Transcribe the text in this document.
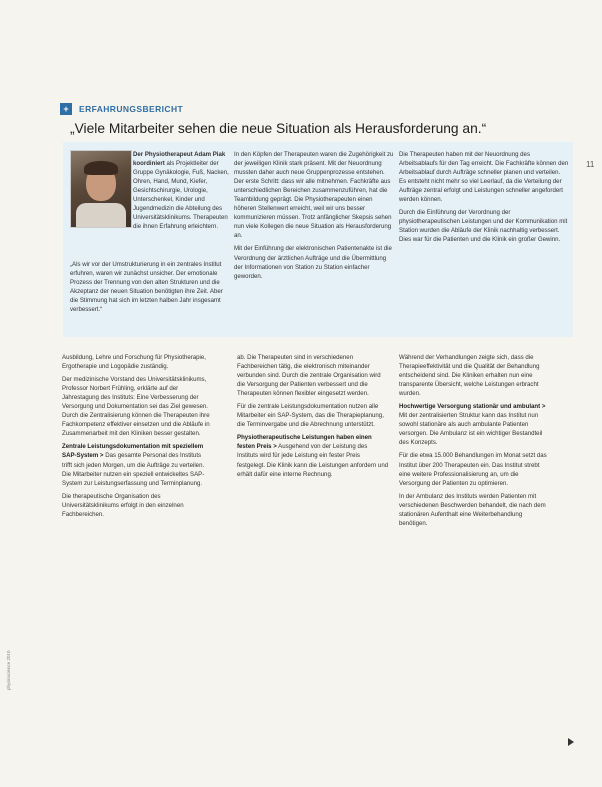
+	ERFAHRUNGSBERICHT
„Viele Mitarbeiter sehen die neue Situation als Herausforderung an.“

Der Physiotherapeut Adam Piak koordiniert als Projektleiter der Gruppe Gynäkologie, Fuß, Nacken, Ohren, Hand, Mund, Kiefer, Gesichtschirurgie, Urologie, Unterschenkel, Kinder und Jugendmedizin die Abteilung des Universitätsklinikums. Therapeuten die ihnen Erfahrung erleichtern.

„Als wir vor der Umstrukturierung in ein zentrales Institut erfuhren, waren wir zunächst unsicher. Der emotionale Prozess der Trennung von den alten Strukturen und die Akzeptanz der neuen Situation benötigten ihre Zeit. Aber die Stimmung hat sich im letzten halben Jahr insgesamt verbessert.“

In den Köpfen der Therapeuten waren die Zugehörigkeit zu der jeweiligen Klinik stark präsent. Mit der Neuordnung mussten daher auch neue Gruppenprozesse entstehen. Der erste Schritt: dass wir alle mitnehmen. Fachkräfte aus unterschiedlichen Bereichen zusammenzuführen, hat die Teambildung geprägt. Die Physiotherapeuten einen höheren Stellenwert erreicht, weil wir uns besser kommunizieren müssen. Trotz anfänglicher Skepsis sehen nun viele Kollegen die neue Situation als Herausforderung an.

Mit der Einführung der elektronischen Patientenakte ist die Verordnung der ärztlichen Aufträge und die Übermittlung der Informationen von Station zu Station einfacher geworden.

Die Therapeuten haben mit der Neuordnung des Arbeitsablaufs für den Tag erreicht. Die Fachkräfte können den Arbeitsablauf durch Aufträge schneller planen und verteilen. Es entsteht nicht mehr so viel Leerlauf, da die Verteilung der Aufträge zentral erfolgt und Leistungen schneller angefordert werden können.

Durch die Einführung der Verordnung der physiotherapeutischen Leistungen und der Kommunikation mit Station wurden die Abläufe der Klinik nachhaltig verbessert. Dies war für die Patienten und die Klinik ein großer Gewinn.

11

Ausbildung, Lehre und Forschung für Physiotherapie, Ergotherapie und Logopädie zuständig.

Der medizinische Vorstand des Universitätsklinikums, Professor Norbert Frühling, erklärte auf der Jahrestagung des Instituts: Eine Verbesserung der Versorgung und Dokumentation sei das Ziel gewesen. Durch die Zentralisierung können die Therapeuten ihre Fachkompetenz effektiver einsetzen und die Abläufe in Zusammenarbeit mit den Kliniken besser gestalten.

Zentrale Leistungsdokumentation mit speziellem SAP-System > Das gesamte Personal des Instituts trifft sich jeden Morgen, um die Aufträge zu verteilen. Die Mitarbeiter nutzen ein speziell entwickeltes SAP-System zur Leistungserfassung und Terminplanung.

Die therapeutische Organisation des Universitätsklinikums erfolgt in den einzelnen Fachbereichen.

ab. Die Therapeuten sind in verschiedenen Fachbereichen tätig, die elektronisch miteinander verbunden sind. Durch die zentrale Organisation wird die Versorgung der Patienten verbessert und die Therapeuten können flexibler eingesetzt werden.

Für die zentrale Leistungsdokumentation nutzen alle Mitarbeiter ein SAP-System, das die Therapieplanung, die Terminvergabe und die Abrechnung unterstützt.

Physiotherapeutische Leistungen haben einen festen Preis > Ausgehend von der Leistung des Instituts wird für jede Leistung ein fester Preis festgelegt. Die Klinik kann die Leistungen anfordern und erhält dafür eine interne Rechnung.

Während der Verhandlungen zeigte sich, dass die Therapieeffektivität und die Qualität der Behandlung entscheidend sind. Die Kliniken erhalten nun eine transparente Übersicht, welche Leistungen erbracht wurden.

Hochwertige Versorgung stationär und ambulant > Mit der zentralisierten Struktur kann das Institut nun sowohl stationäre als auch ambulante Patienten versorgen. Die Ambulanz ist ein wichtiger Bestandteil des Konzepts.

Für die etwa 15.000 Behandlungen im Monat setzt das Institut über 200 Therapeuten ein. Das Institut strebt eine weitere Professionalisierung an, um die Versorgung der Patienten zu optimieren.

In der Ambulanz des Instituts werden Patienten mit verschiedenen Beschwerden behandelt, die nach dem stationären Aufenthalt eine Weiterbehandlung benötigen.

physioscience 2010
